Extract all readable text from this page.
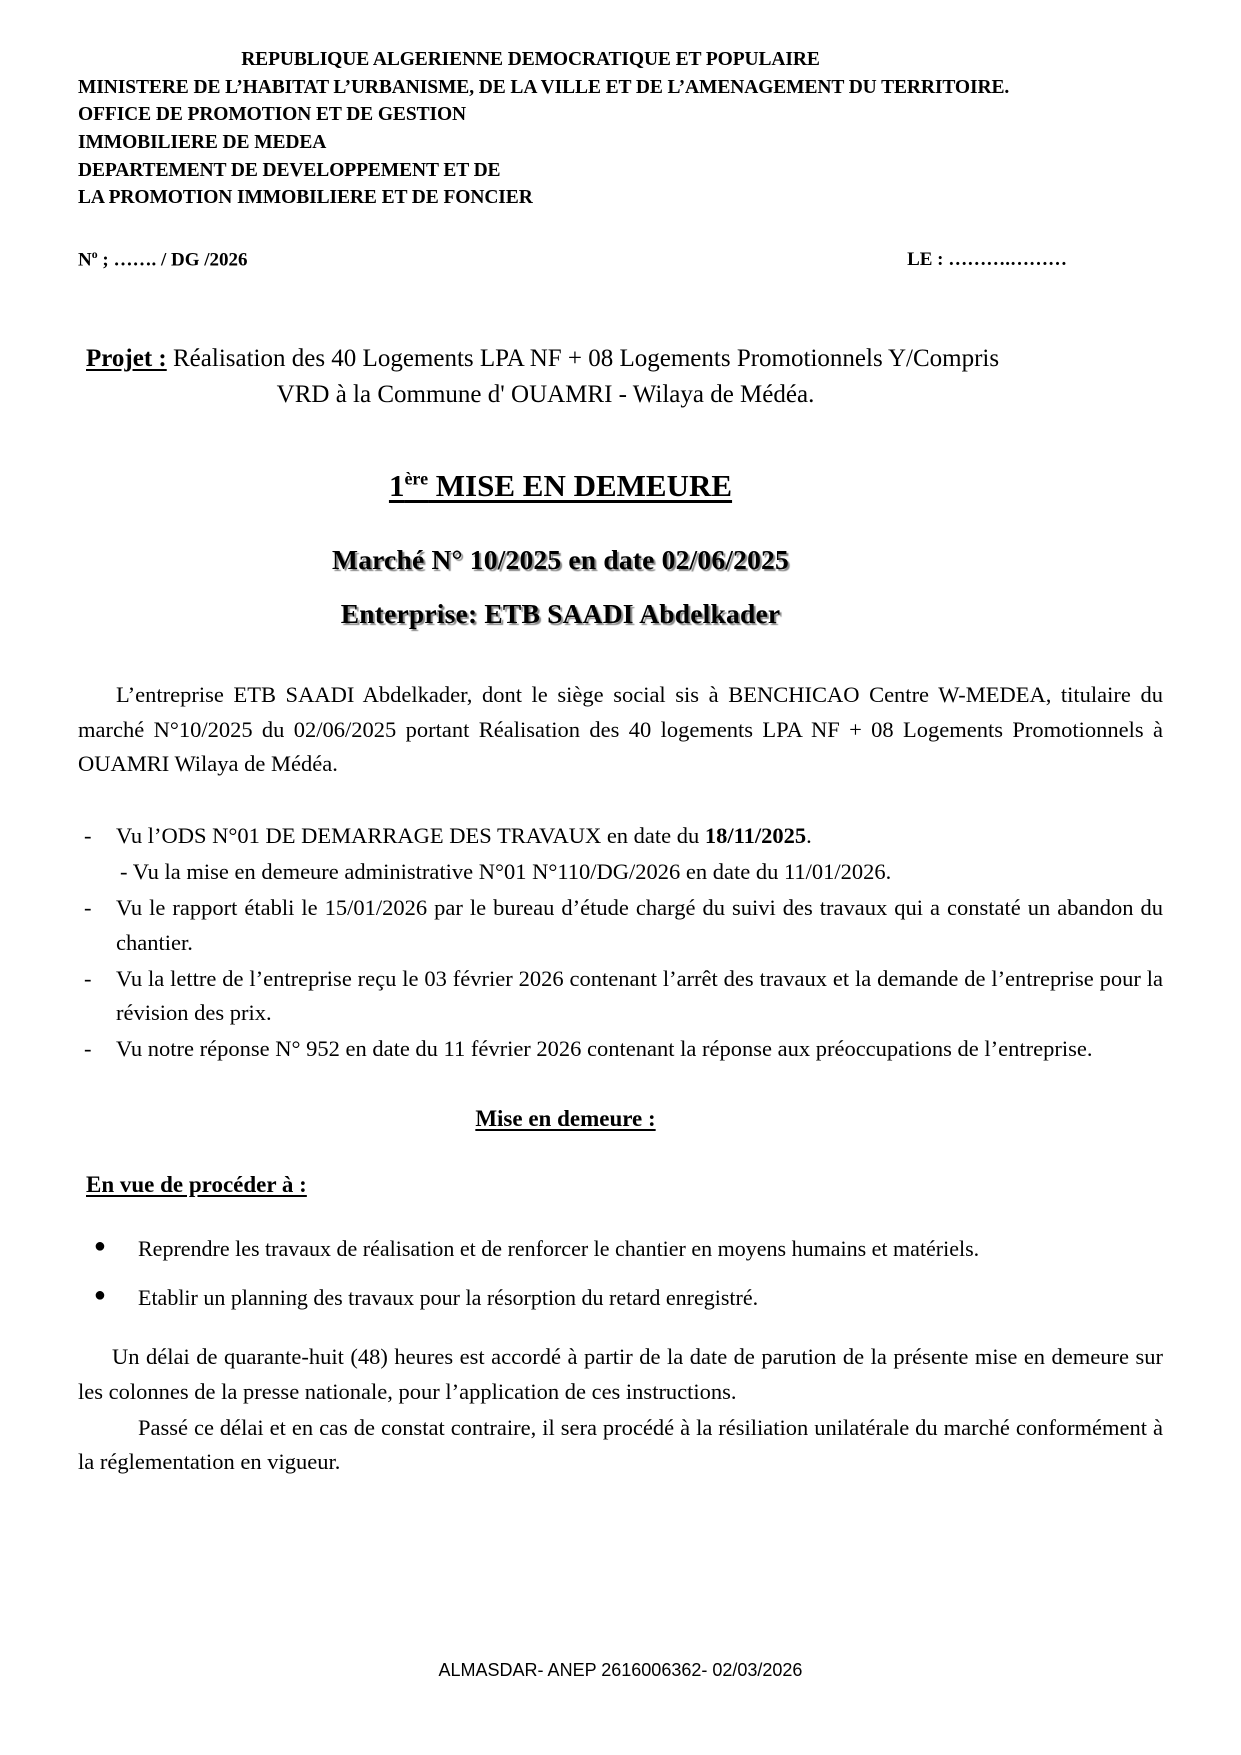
REPUBLIQUE ALGERIENNE DEMOCRATIQUE ET POPULAIRE
MINISTERE DE L’HABITAT L’URBANISME, DE LA VILLE ET DE L’AMENAGEMENT DU TERRITOIRE.
OFFICE DE PROMOTION ET DE GESTION
IMMOBILIERE DE MEDEA
DEPARTEMENT DE DEVELOPPEMENT ET DE
LA PROMOTION IMMOBILIERE ET DE FONCIER
$N^o$ ; ……. / DG /2026	LE : ……….………
Projet : Réalisation des 40 Logements LPA NF + 08 Logements Promotionnels Y/Compris
VRD à la Commune d' OUAMRI - Wilaya de Médéa.
1ère MISE EN DEMEURE
Marché N° 10/2025 en date 02/06/2025
Enterprise: ETB SAADI Abdelkader
L’entreprise ETB SAADI Abdelkader, dont le siège social sis à BENCHICAO Centre W-MEDEA, titulaire du marché N°10/2025 du 02/06/2025 portant Réalisation des 40 logements LPA NF + 08 Logements Promotionnels à OUAMRI Wilaya de Médéa.
-	Vu l’ODS N°01 DE DEMARRAGE DES TRAVAUX en date du 18/11/2025.
- Vu la mise en demeure administrative N°01 N°110/DG/2026 en date du 11/01/2026.
-	Vu le rapport établi le 15/01/2026 par le bureau d’étude chargé du suivi des travaux qui a constaté un abandon du chantier.
-	Vu la lettre de l’entreprise reçu le 03 février 2026 contenant l’arrêt des travaux et la demande de l’entreprise pour la révision des prix.
-	Vu notre réponse N° 952 en date du 11 février 2026 contenant la réponse aux préoccupations de l’entreprise.
Mise en demeure :
En vue de procéder à :
●	Reprendre les travaux de réalisation et de renforcer le chantier en moyens humains et matériels.
●	Etablir un planning des travaux pour la résorption du retard enregistré.
Un délai de quarante-huit (48) heures est accordé à partir de la date de parution de la présente mise en demeure sur les colonnes de la presse nationale, pour l’application de ces instructions.
Passé ce délai et en cas de constat contraire, il sera procédé à la résiliation unilatérale du marché conformément à la réglementation en vigueur.
ALMASDAR- ANEP 2616006362- 02/03/2026
